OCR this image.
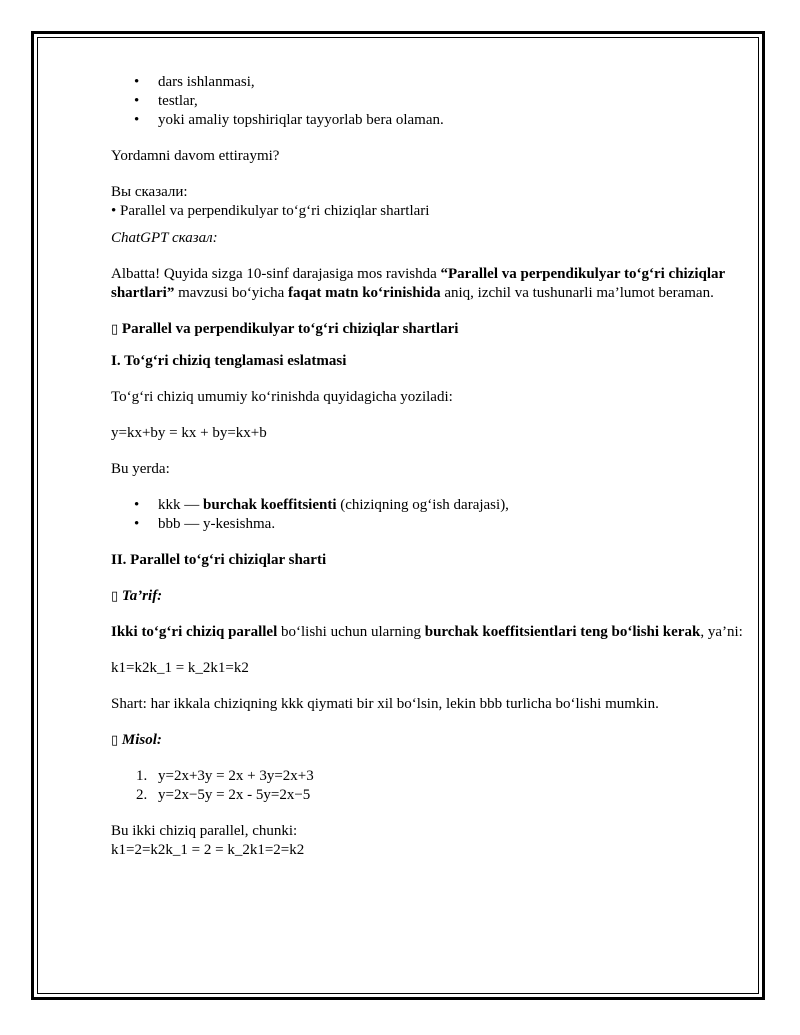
• dars ishlanmasi,
• testlar,
• yoki amaliy topshiriqlar tayyorlab bera olaman.

Yordamni davom ettiraymi?

Вы сказали:

• Parallel va perpendikulyar to‘g‘ri chiziqlar shartlari

ChatGPT сказал:

Albatta! Quyida sizga 10-sinf darajasiga mos ravishda “Parallel va perpendikulyar to‘g‘ri chiziqlar shartlari” mavzusi bo‘yicha faqat matn ko‘rinishida aniq, izchil va tushunarli ma’lumot beraman.

▯ Parallel va perpendikulyar to‘g‘ri chiziqlar shartlari

I. To‘g‘ri chiziq tenglamasi eslatmasi

To‘g‘ri chiziq umumiy ko‘rinishda quyidagicha yoziladi:

y=kx+by = kx + by=kx+b

Bu yerda:

• kkk — burchak koeffitsienti (chiziqning og‘ish darajasi),
• bbb — y-kesishma.

II. Parallel to‘g‘ri chiziqlar sharti

▯ Ta’rif:

Ikki to‘g‘ri chiziq parallel bo‘lishi uchun ularning burchak koeffitsientlari teng bo‘lishi kerak, ya’ni:

k1=k2k_1 = k_2k1=k2

Shart: har ikkala chiziqning kkk qiymati bir xil bo‘lsin, lekin bbb turlicha bo‘lishi mumkin.

▯ Misol:

1. y=2x+3y = 2x + 3y=2x+3
2. y=2x−5y = 2x - 5y=2x−5

Bu ikki chiziq parallel, chunki:

k1=2=k2k_1 = 2 = k_2k1=2=k2
